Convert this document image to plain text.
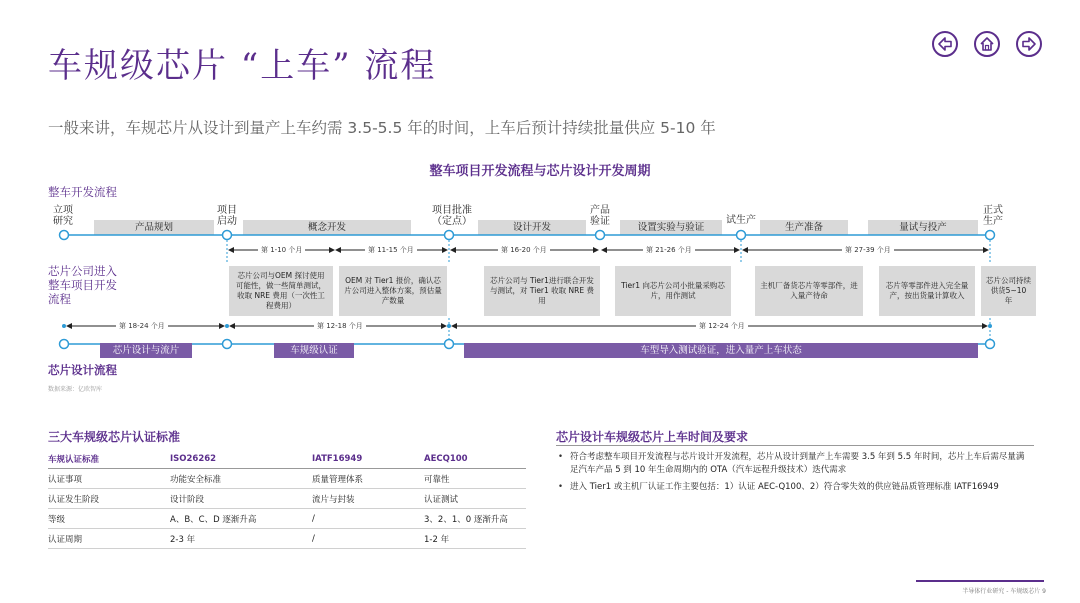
车规级芯片 “上车” 流程
一般来讲，车规芯片从设计到量产上车约需 3.5-5.5 年的时间，上车后预计持续批量供应 5-10 年
整车项目开发流程与芯片设计开发周期
整车开发流程
立项
研究
项目
启动
项目批准
（定点）
产品
验证	试生产
正式
生产
产品规划	概念开发	设计开发	设置实验与验证	生产准备	量试与投产
第 1-10 个月	第 11-15 个月	第 16-20 个月	第 21-26 个月	第 27-39 个月
芯片公司进入整车项目开发流程
芯片公司与OEM 探讨使用可能性，做一些简单测试，收取 NRE 费用（一次性工程费用）
OEM 对 Tier1 报价，确认芯片公司进入整体方案，预估量产数量
芯片公司与 Tier1进行联合开发与测试，对 Tier1 收取 NRE 费用
Tier1 向芯片公司小批量采购芯片，用作测试
主机厂备货芯片等零部件，进入量产待命
芯片等零部件进入完全量产，按出货量计算收入
芯片公司持续供货5~10 年
第 18-24 个月	第 12-18 个月	第 12-24 个月
芯片设计与流片	车规级认证	车型导入测试验证，进入量产上车状态
芯片设计流程
数据来源：亿欧智库
三大车规级芯片认证标准
车规认证标准	ISO26262	IATF16949	AECQ100
认证事项	功能安全标准	质量管理体系	可靠性
认证发生阶段	设计阶段	流片与封装	认证测试
等级	A、B、C、D 逐渐升高	/	3、2、1、0 逐渐升高
认证周期	2-3 年	/	1-2 年
芯片设计车规级芯片上车时间及要求
• 符合考虑整车项目开发流程与芯片设计开发流程，芯片从设计到量产上车需要 3.5 年到 5.5 年时间，芯片上车后需尽量满足汽车产品 5 到 10 年生命周期内的 OTA（汽车远程升级技术）迭代需求
• 进入 Tier1 或主机厂认证工作主要包括：1）认证 AEC-Q100、2）符合零失效的供应链品质管理标准 IATF16949
半导体行业研究 - 车规级芯片 9
